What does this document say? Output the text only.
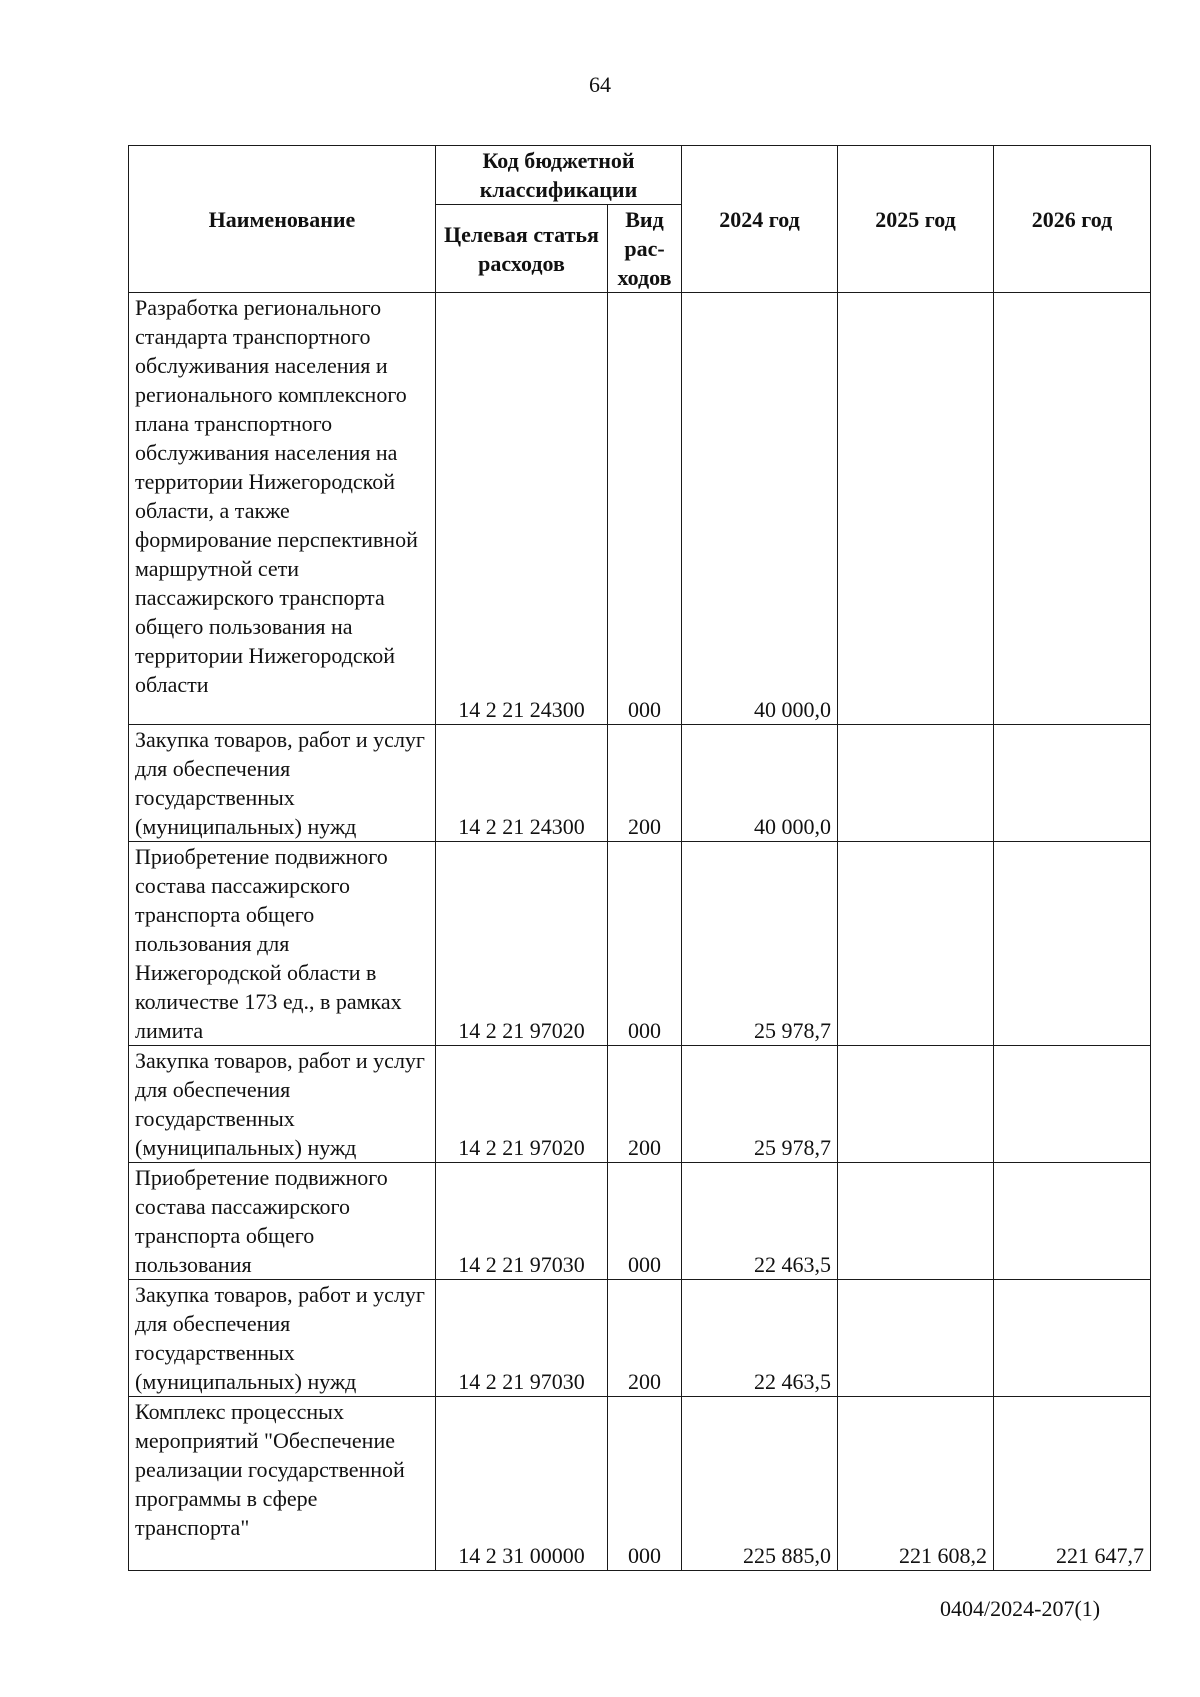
64
Наименование	Код бюджетной классификации		2024 год	2025 год	2026 год
	Целевая статья расходов	Вид рас-ходов			
Разработка регионального стандарта транспортного обслуживания населения и регионального комплексного плана транспортного обслуживания населения на территории Нижегородской области, а также формирование перспективной маршрутной сети пассажирского транспорта общего пользования на территории Нижегородской области	14 2 21 24300	000	40 000,0		
Закупка товаров, работ и услуг для обеспечения государственных (муниципальных) нужд	14 2 21 24300	200	40 000,0		
Приобретение подвижного состава пассажирского транспорта общего пользования для Нижегородской области в количестве 173 ед., в рамках лимита	14 2 21 97020	000	25 978,7		
Закупка товаров, работ и услуг для обеспечения государственных (муниципальных) нужд	14 2 21 97020	200	25 978,7		
Приобретение подвижного состава пассажирского транспорта общего пользования	14 2 21 97030	000	22 463,5		
Закупка товаров, работ и услуг для обеспечения государственных (муниципальных) нужд	14 2 21 97030	200	22 463,5		
Комплекс процессных мероприятий "Обеспечение реализации государственной программы в сфере транспорта"	14 2 31 00000	000	225 885,0	221 608,2	221 647,7
0404/2024-207(1)
